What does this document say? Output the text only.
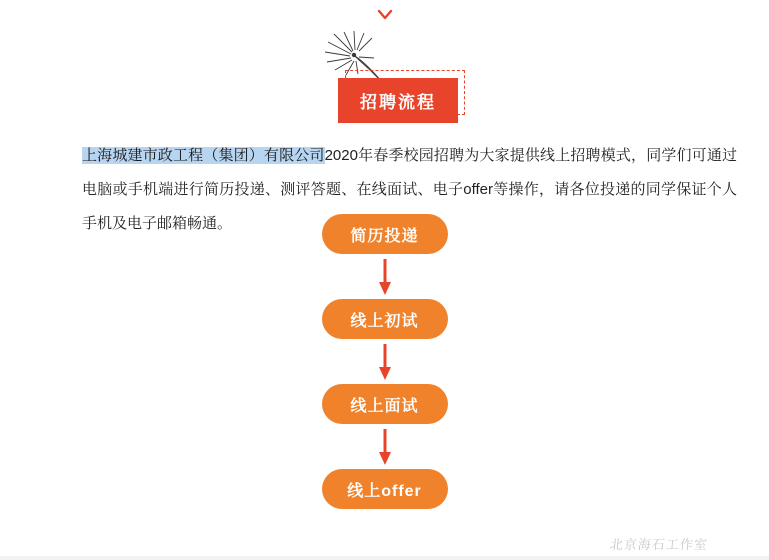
招聘流程

上海城建市政工程（集团）有限公司2020年春季校园招聘为大家提供线上招聘模式，同学们可通过电脑或手机端进行简历投递、测评答题、在线面试、电子offer等操作，请各位投递的同学保证个人手机及电子邮箱畅通。

简历投递
线上初试
线上面试
线上offer
北京海石工作室
